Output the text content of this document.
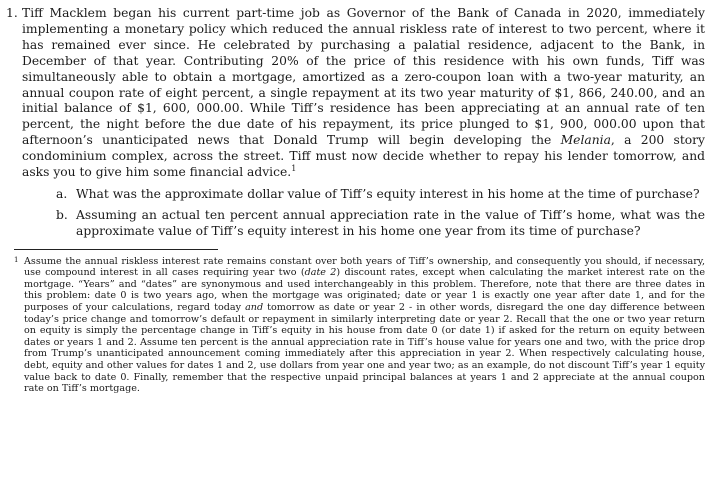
1. Tiff Macklem began his current part-time job as Governor of the Bank of Canada in 2020, immediately implementing a monetary policy which reduced the annual riskless rate of interest to two percent, where it has remained ever since. He celebrated by purchasing a palatial residence, adjacent to the Bank, in December of that year. Contributing 20% of the price of this residence with his own funds, Tiff was simultaneously able to obtain a mortgage, amortized as a zero-coupon loan with a two-year maturity, an annual coupon rate of eight percent, a single repayment at its two year maturity of $1, 866, 240.00, and an initial balance of $1, 600, 000.00. While Tiff’s residence has been appreciating at an annual rate of ten percent, the night before the due date of his repayment, its price plunged to $1, 900, 000.00 upon that afternoon’s unanticipated news that Donald Trump will begin developing the Melania, a 200 story condominium complex, across the street. Tiff must now decide whether to repay his lender tomorrow, and asks you to give him some financial advice.$^1$
a. What was the approximate dollar value of Tiff’s equity interest in his home at the time of purchase?
b. Assuming an actual ten percent annual appreciation rate in the value of Tiff’s home, what was the approximate value of Tiff’s equity interest in his home one year from its time of purchase?
1 Assume the annual riskless interest rate remains constant over both years of Tiff’s ownership, and consequently you should, if necessary, use compound interest in all cases requiring year two (date 2) discount rates, except when calculating the market interest rate on the mortgage. “Years” and “dates” are synonymous and used interchangeably in this problem. Therefore, note that there are three dates in this problem: date 0 is two years ago, when the mortgage was originated; date or year 1 is exactly one year after date 1, and for the purposes of your calculations, regard today and tomorrow as date or year 2 - in other words, disregard the one day difference between today’s price change and tomorrow’s default or repayment in similarly interpreting date or year 2. Recall that the one or two year return on equity is simply the percentage change in Tiff’s equity in his house from date 0 (or date 1) if asked for the return on equity between dates or years 1 and 2. Assume ten percent is the annual appreciation rate in Tiff’s house value for years one and two, with the price drop from Trump’s unanticipated announcement coming immediately after this appreciation in year 2. When respectively calculating house, debt, equity and other values for dates 1 and 2, use dollars from year one and year two; as an example, do not discount Tiff’s year 1 equity value back to date 0. Finally, remember that the respective unpaid principal balances at years 1 and 2 appreciate at the annual coupon rate on Tiff’s mortgage.
